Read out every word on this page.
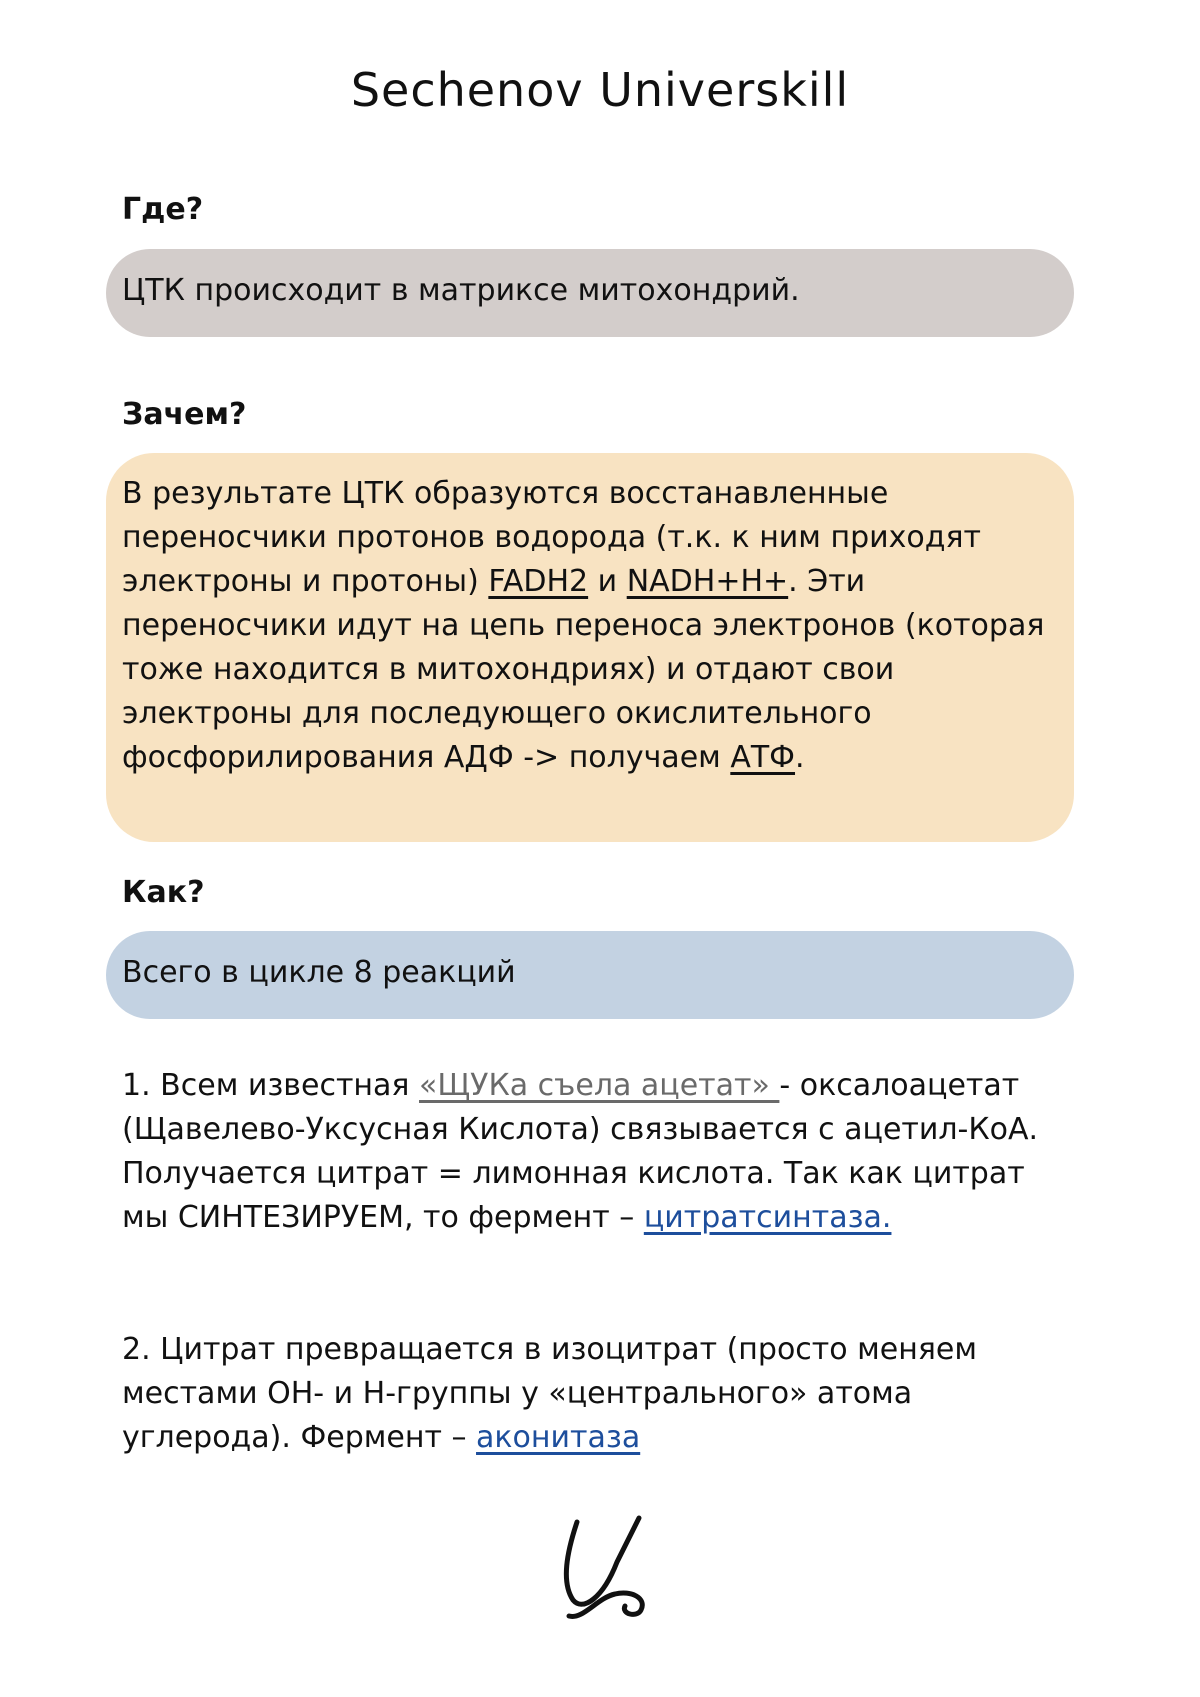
Sechenov Universkill
Где?
ЦТК происходит в матриксе митохондрий.
Зачем?
В результате ЦТК образуются восстанавленные переносчики протонов водорода (т.к. к ним приходят электроны и протоны) FADH2 и NADH+H+. Эти переносчики идут на цепь переноса электронов (которая тоже находится в митохондриях) и отдают свои электроны для последующего окислительного фосфорилирования АДФ -> получаем АТФ.
Как?
Всего в цикле 8 реакций
1. Всем известная «ЩУКа съела ацетат» - оксалоацетат (Щавелево-Уксусная Кислота) связывается с ацетил-КоА. Получается цитрат = лимонная кислота. Так как цитрат мы СИНТЕЗИРУЕМ, то фермент – цитратсинтаза.
2. Цитрат превращается в изоцитрат (просто меняем местами ОН- и Н-группы у «центрального» атома углерода). Фермент – аконитаза
